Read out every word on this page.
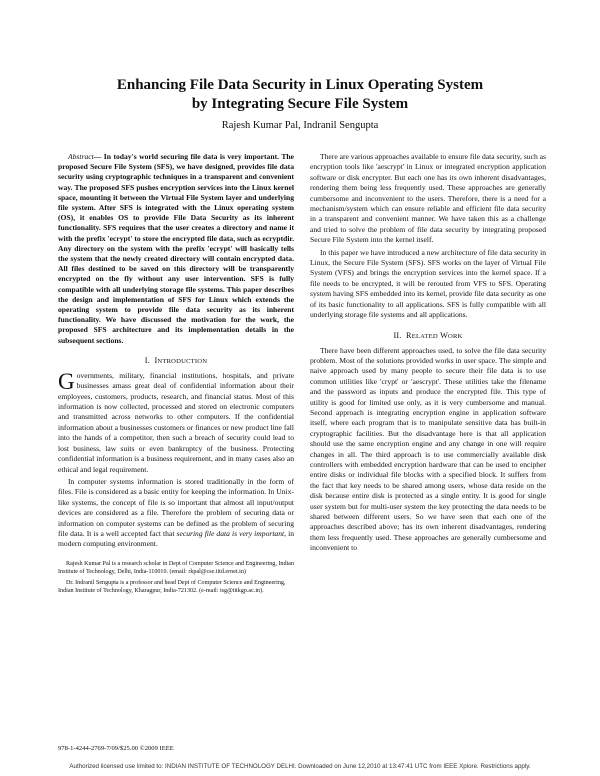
Enhancing File Data Security in Linux Operating System
by Integrating Secure File System
Rajesh Kumar Pal, Indranil Sengupta

Abstract— In today's world securing file data is very important. The proposed Secure File System (SFS), we have designed, provides file data security using cryptographic techniques in a transparent and convenient way. The proposed SFS pushes encryption services into the Linux kernel space, mounting it between the Virtual File System layer and underlying file system. After SFS is integrated with the Linux operating system (OS), it enables OS to provide File Data Security as its inherent functionality. SFS requires that the user creates a directory and name it with the prefix 'ecrypt' to store the encrypted file data, such as ecryptdir. Any directory on the system with the prefix 'ecrypt' will basically tells the system that the newly created directory will contain encrypted data. All files destined to be saved on this directory will be transparently encrypted on the fly without any user intervention. SFS is fully compatible with all underlying storage file systems. This paper describes the design and implementation of SFS for Linux which extends the operating system to provide file data security as its inherent functionality. We have discussed the motivation for the work, the proposed SFS architecture and its implementation details in the subsequent sections.

I. INTRODUCTION

Governments, military, financial institutions, hospitals, and private businesses amass great deal of confidential information about their employees, customers, products, research, and financial status. Most of this information is now collected, processed and stored on electronic computers and transmitted across networks to other computers. If the confidential information about a businesses customers or finances or new product line fall into the hands of a competitor, then such a breach of security could lead to lost business, law suits or even bankruptcy of the business. Protecting confidential information is a business requirement, and in many cases also an ethical and legal requirement.

In computer systems information is stored traditionally in the form of files. File is considered as a basic entity for keeping the information. In Unix-like systems, the concept of file is so important that almost all input/output devices are considered as a file. Therefore the problem of securing data or information on computer systems can be defined as the problem of securing file data. It is a well accepted fact that securing file data is very important, in modern computing environment.

Rajesh Kumar Pal is a research scholar in Dept of Computer Science and Engineering, Indian Institute of Technology, Delhi, India-110010. (email: rkpal@cse.iitd.ernet.in)

Dr. Indranil Sengupta is a professor and head Dept of Computer Science and Engineering, Indian Institute of Technology, Kharagpur, India-721302. (e-mail: isg@iitkgp.ac.in).

There are various approaches available to ensure file data security, such as encryption tools like 'aescrypt' in Linux or integrated encryption application software or disk encrypter. But each one has its own inherent disadvantages, rendering them being less frequently used. These approaches are generally cumbersome and inconvenient to the users. Therefore, there is a need for a mechanism/system which can ensure reliable and efficient file data security in a transparent and convenient manner. We have taken this as a challenge and tried to solve the problem of file data security by integrating proposed Secure File System into the kernel itself.

In this paper we have introduced a new architecture of file data security in Linux, the Secure File System (SFS). SFS works on the layer of Virtual File System (VFS) and brings the encryption services into the kernel space. If a file needs to be encrypted, it will be rerouted from VFS to SFS. Operating system having SFS embedded into its kernel, provide file data security as one of its basic functionality to all applications. SFS is fully compatible with all underlying storage file systems and all applications.

II. RELATED WORK

There have been different approaches used, to solve the file data security problem. Most of the solutions provided works in user space. The simple and naive approach used by many people to secure their file data is to use common utilities like 'crypt' or 'aescrypt'. These utilities take the filename and the password as inputs and produce the encrypted file. This type of utility is good for limited use only, as it is very cumbersome and manual. Second approach is integrating encryption engine in application software itself, where each program that is to manipulate sensitive data has built-in cryptographic facilities. But the disadvantage here is that all application should use the same encryption engine and any change in one will require changes in all. The third approach is to use commercially available disk controllers with embedded encryption hardware that can be used to encipher entire disks or individual file blocks with a specified block. It suffers from the fact that key needs to be shared among users, whose data reside on the disk because entire disk is protected as a single entity. It is good for single user system but for multi-user system the key protecting the data needs to be shared between different users. So we have seen that each one of the approaches described above; has its own inherent disadvantages, rendering them less frequently used. These approaches are generally cumbersome and inconvenient to

978-1-4244-2769-7/09/$25.00 ©2009 IEEE
Authorized licensed use limited to: INDIAN INSTITUTE OF TECHNOLOGY DELHI. Downloaded on June 12,2010 at 13:47:41 UTC from IEEE Xplore. Restrictions apply.
